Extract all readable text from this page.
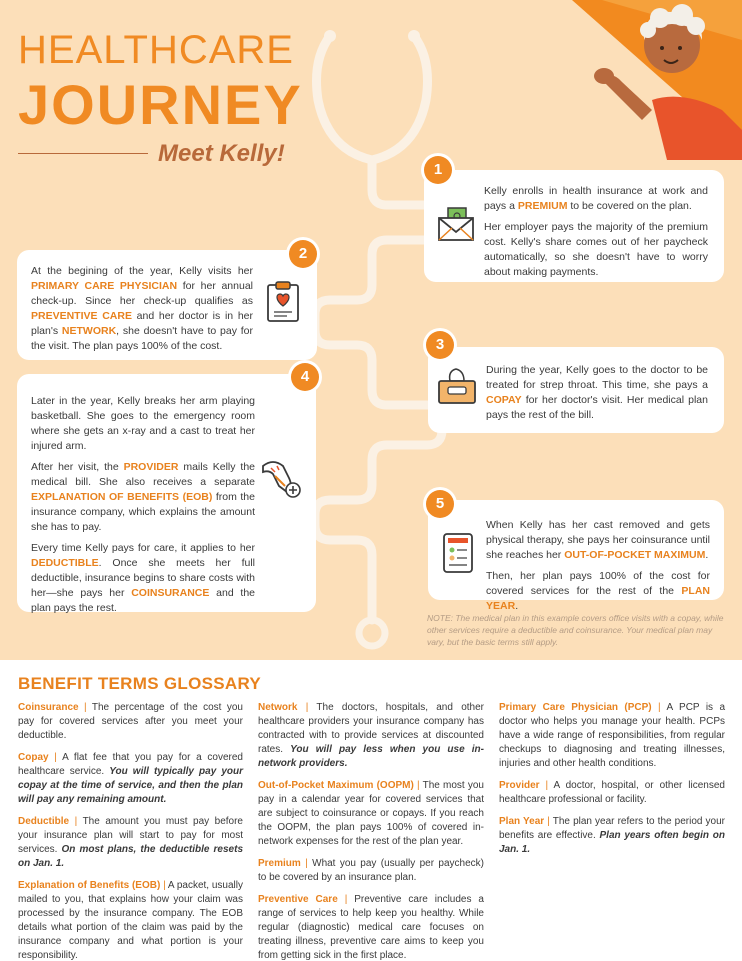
HEALTHCARE
JOURNEY
Meet Kelly!

Kelly enrolls in health insurance at work and pays a PREMIUM to be covered on the plan.

Her employer pays the majority of the premium cost. Kelly's share comes out of her paycheck automatically, so she doesn't have to worry about making payments.

1

At the begining of the year, Kelly visits her PRIMARY CARE PHYSICIAN for her annual check-up. Since her check-up qualifies as PREVENTIVE CARE and her doctor is in her plan's NETWORK, she doesn't have to pay for the visit. The plan pays 100% of the cost.

2

During the year, Kelly goes to the doctor to be treated for strep throat. This time, she pays a COPAY for her doctor's visit. Her medical plan pays the rest of the bill.

3

Later in the year, Kelly breaks her arm playing basketball. She goes to the emergency room where she gets an x-ray and a cast to treat her injured arm.

After her visit, the PROVIDER mails Kelly the medical bill. She also receives a separate EXPLANATION OF BENEFITS (EOB) from the insurance company, which explains the amount she has to pay.

Every time Kelly pays for care, it applies to her DEDUCTIBLE. Once she meets her full deductible, insurance begins to share costs with her—she pays her COINSURANCE and the plan pays the rest.

4

When Kelly has her cast removed and gets physical therapy, she pays her coinsurance until she reaches her OUT-OF-POCKET MAXIMUM.

Then, her plan pays 100% of the cost for covered services for the rest of the PLAN YEAR.

5
NOTE: The medical plan in this example covers office visits with a copay, while other services require a deductible and coinsurance. Your medical plan may vary, but the basic terms still apply.
BENEFIT TERMS GLOSSARY
Coinsurance | The percentage of the cost you pay for covered services after you meet your deductible.
Copay | A flat fee that you pay for a covered healthcare service. You will typically pay your copay at the time of service, and then the plan will pay any remaining amount.
Deductible | The amount you must pay before your insurance plan will start to pay for most services. On most plans, the deductible resets on Jan. 1.
Explanation of Benefits (EOB) | A packet, usually mailed to you, that explains how your claim was processed by the insurance company. The EOB details what portion of the claim was paid by the insurance company and what portion is your responsibility.
Network | The doctors, hospitals, and other healthcare providers your insurance company has contracted with to provide services at discounted rates. You will pay less when you use in-network providers.
Out-of-Pocket Maximum (OOPM) | The most you pay in a calendar year for covered services that are subject to coinsurance or copays. If you reach the OOPM, the plan pays 100% of covered in-network expenses for the rest of the plan year.
Premium | What you pay (usually per paycheck) to be covered by an insurance plan.
Preventive Care | Preventive care includes a range of services to help keep you healthy. While regular (diagnostic) medical care focuses on treating illness, preventive care aims to keep you from getting sick in the first place.
Primary Care Physician (PCP) | A PCP is a doctor who helps you manage your health. PCPs have a wide range of responsibilities, from regular checkups to diagnosing and treating illnesses, injuries and other health conditions.
Provider | A doctor, hospital, or other licensed healthcare professional or facility.
Plan Year | The plan year refers to the period your benefits are effective. Plan years often begin on Jan. 1.
